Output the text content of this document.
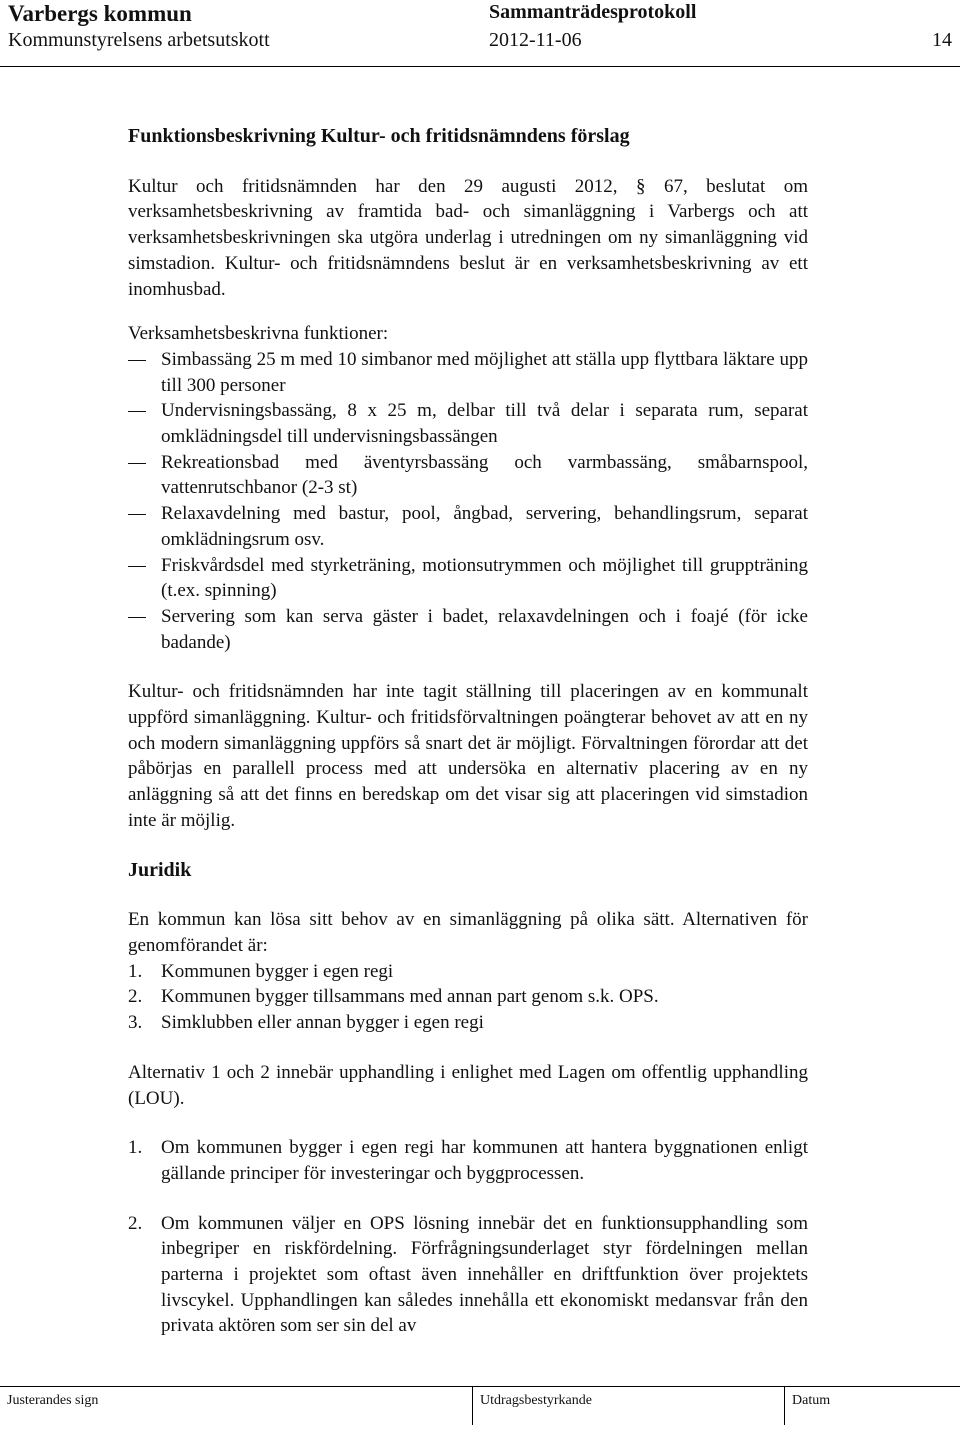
Varbergs kommun
Kommunstyrelsens arbetsutskott
Sammanträdesprotokoll
2012-11-06	14

Funktionsbeskrivning Kultur- och fritidsnämndens förslag

Kultur och fritidsnämnden har den 29 augusti 2012, § 67, beslutat om verksamhetsbeskrivning av framtida bad- och simanläggning i Varbergs och att verksamhetsbeskrivningen ska utgöra underlag i utredningen om ny simanläggning vid simstadion. Kultur- och fritidsnämndens beslut är en verksamhetsbeskrivning av ett inomhusbad.

Verksamhetsbeskrivna funktioner:

Simbassäng 25 m med 10 simbanor med möjlighet att ställa upp flyttbara läktare upp till 300 personer
Undervisningsbassäng, 8 x 25 m, delbar till två delar i separata rum, separat omklädningsdel till undervisningsbassängen
Rekreationsbad med äventyrsbassäng och varmbassäng, småbarnspool, vattenrutschbanor (2-3 st)
Relaxavdelning med bastur, pool, ångbad, servering, behandlingsrum, separat omklädningsrum osv.
Friskvårdsdel med styrketräning, motionsutrymmen och möjlighet till gruppträning (t.ex. spinning)
Servering som kan serva gäster i badet, relaxavdelningen och i foajé (för icke badande)

Kultur- och fritidsnämnden har inte tagit ställning till placeringen av en kommunalt uppförd simanläggning. Kultur- och fritidsförvaltningen poängterar behovet av att en ny och modern simanläggning uppförs så snart det är möjligt. Förvaltningen förordar att det påbörjas en parallell process med att undersöka en alternativ placering av en ny anläggning så att det finns en beredskap om det visar sig att placeringen vid simstadion inte är möjlig.

Juridik

En kommun kan lösa sitt behov av en simanläggning på olika sätt. Alternativen för genomförandet är:

1. Kommunen bygger i egen regi
2. Kommunen bygger tillsammans med annan part genom s.k. OPS.
3. Simklubben eller annan bygger i egen regi

Alternativ 1 och 2 innebär upphandling i enlighet med Lagen om offentlig upphandling (LOU).

1. Om kommunen bygger i egen regi har kommunen att hantera byggnationen enligt gällande principer för investeringar och byggprocessen.
2. Om kommunen väljer en OPS lösning innebär det en funktionsupphandling som inbegriper en riskfördelning. Förfrågningsunderlaget styr fördelningen mellan parterna i projektet som oftast även innehåller en driftfunktion över projektets livscykel. Upphandlingen kan således innehålla ett ekonomiskt medansvar från den privata aktören som ser sin del av
Justerandes sign	Utdragsbestyrkande	Datum
